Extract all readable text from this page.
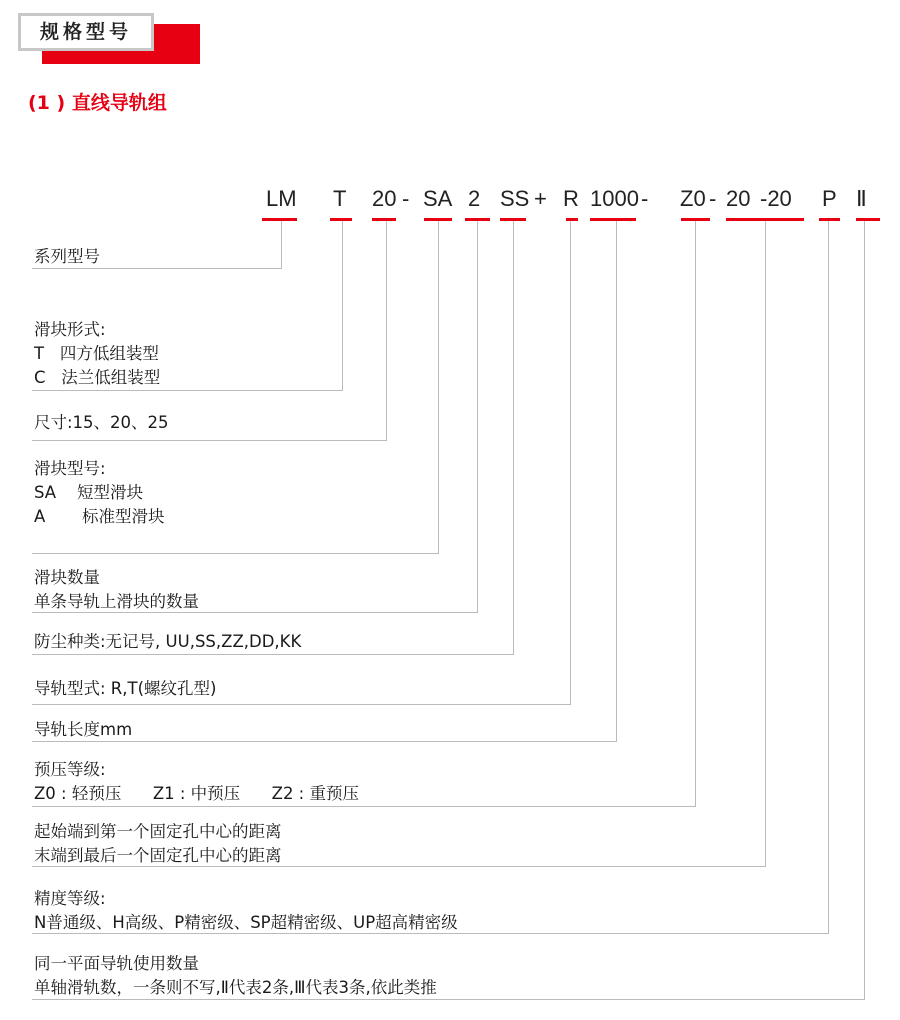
规格型号
(1 ) 直线导轨组
LM T 20 - SA 2 SS + R 1000 - Z0 - 20 -20 P Ⅱ
系列型号
滑块形式:
T   四方低组装型
C   法兰低组装型
尺寸:15、20、25
滑块型号:
SA    短型滑块
A       标准型滑块
滑块数量
单条导轨上滑块的数量
防尘种类:无记号, UU,SS,ZZ,DD,KK
导轨型式: R,T(螺纹孔型)
导轨长度mm
预压等级:
Z0 : 轻预压      Z1 : 中预压      Z2 : 重预压
起始端到第一个固定孔中心的距离
末端到最后一个固定孔中心的距离
精度等级:
N普通级、H高级、P精密级、SP超精密级、UP超高精密级
同一平面导轨使用数量
单轴滑轨数，一条则不写,Ⅱ代表2条,Ⅲ代表3条,依此类推
